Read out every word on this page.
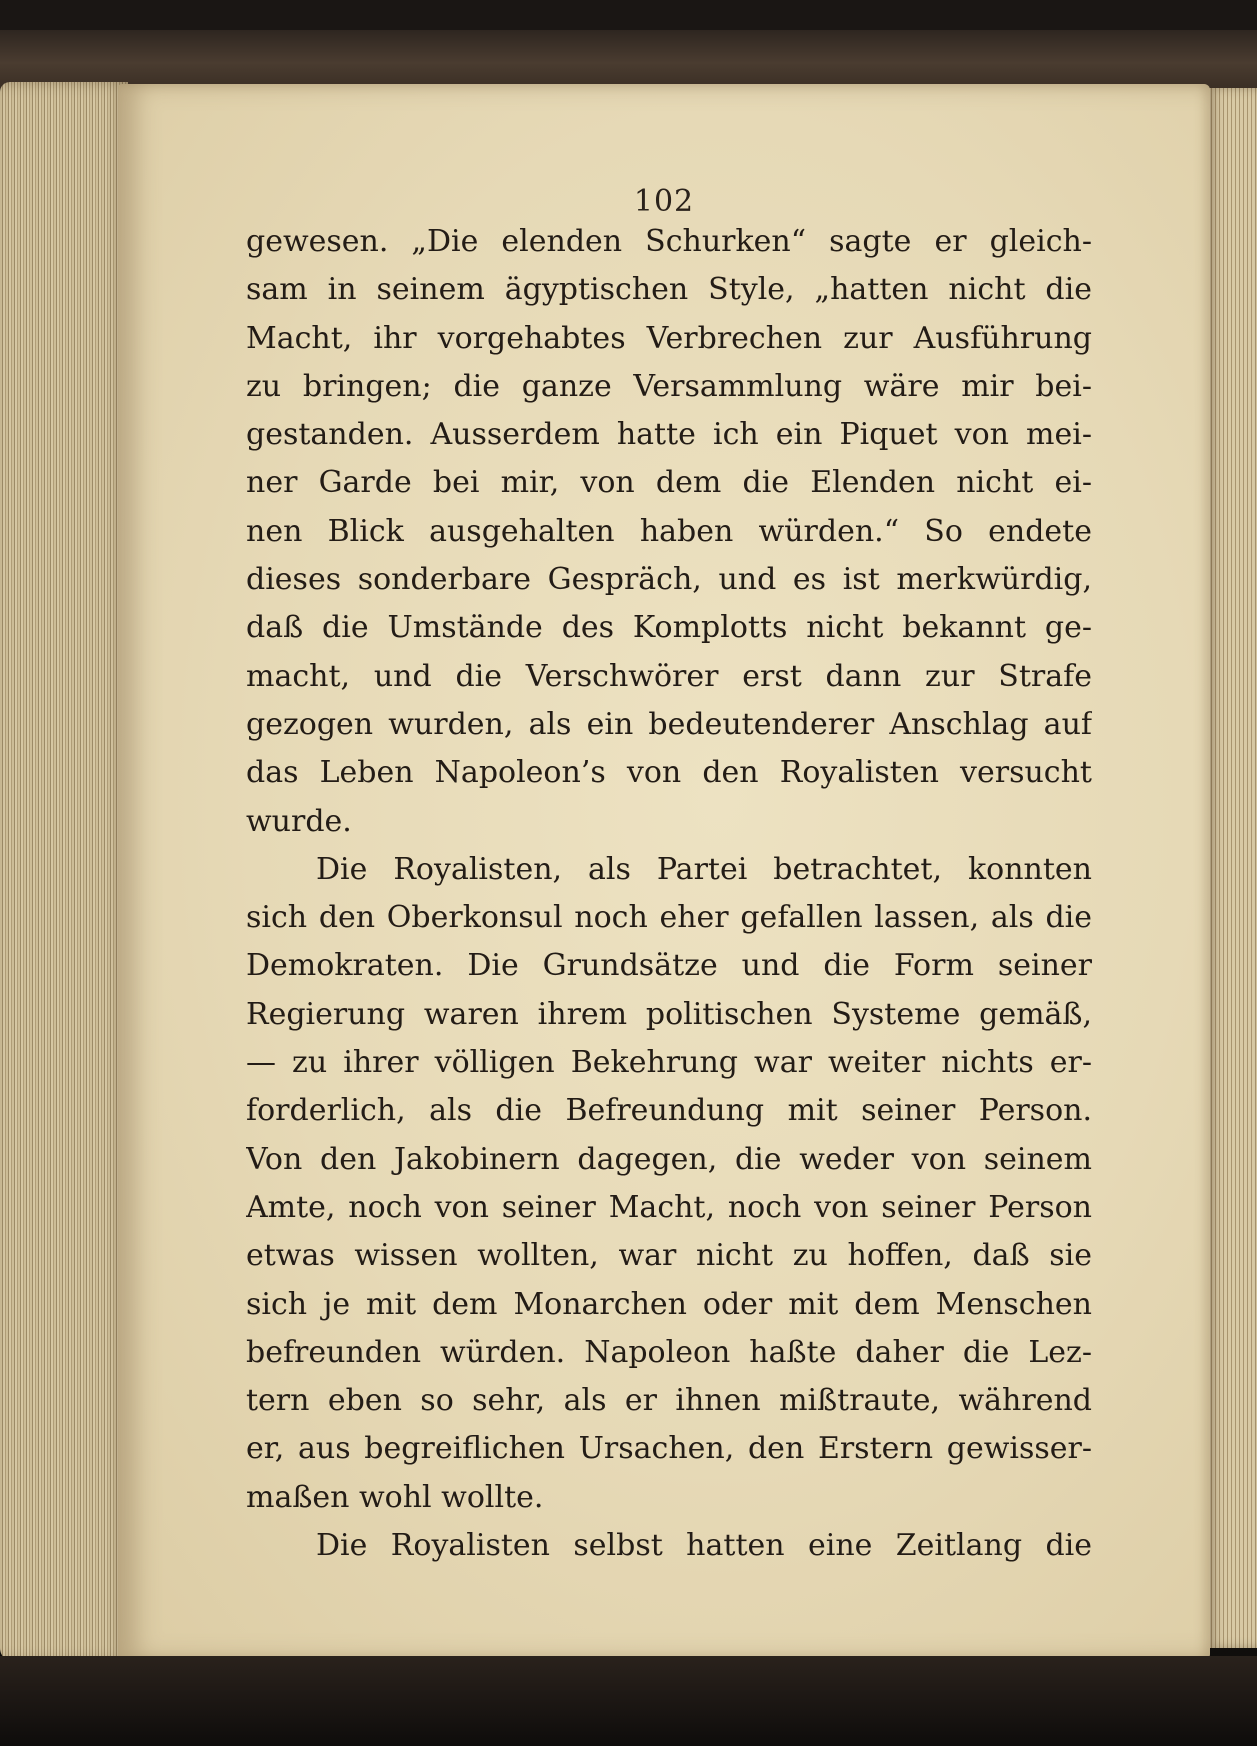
102
gewesen. „Die elenden Schurken“ sagte er gleich-
sam in seinem ägyptischen Style, „hatten nicht die
Macht, ihr vorgehabtes Verbrechen zur Ausführung
zu bringen; die ganze Versammlung wäre mir bei-
gestanden. Ausserdem hatte ich ein Piquet von mei-
ner Garde bei mir, von dem die Elenden nicht ei-
nen Blick ausgehalten haben würden.“ So endete
dieses sonderbare Gespräch, und es ist merkwürdig,
daß die Umstände des Komplotts nicht bekannt ge-
macht, und die Verschwörer erst dann zur Strafe
gezogen wurden, als ein bedeutenderer Anschlag auf
das Leben Napoleon’s von den Royalisten versucht
wurde.
Die Royalisten, als Partei betrachtet, konnten
sich den Oberkonsul noch eher gefallen lassen, als die
Demokraten. Die Grundsätze und die Form seiner
Regierung waren ihrem politischen Systeme gemäß,
— zu ihrer völligen Bekehrung war weiter nichts er-
forderlich, als die Befreundung mit seiner Person.
Von den Jakobinern dagegen, die weder von seinem
Amte, noch von seiner Macht, noch von seiner Person
etwas wissen wollten, war nicht zu hoffen, daß sie
sich je mit dem Monarchen oder mit dem Menschen
befreunden würden. Napoleon haßte daher die Lez-
tern eben so sehr, als er ihnen mißtraute, während
er, aus begreiflichen Ursachen, den Erstern gewisser-
maßen wohl wollte.
Die Royalisten selbst hatten eine Zeitlang die
